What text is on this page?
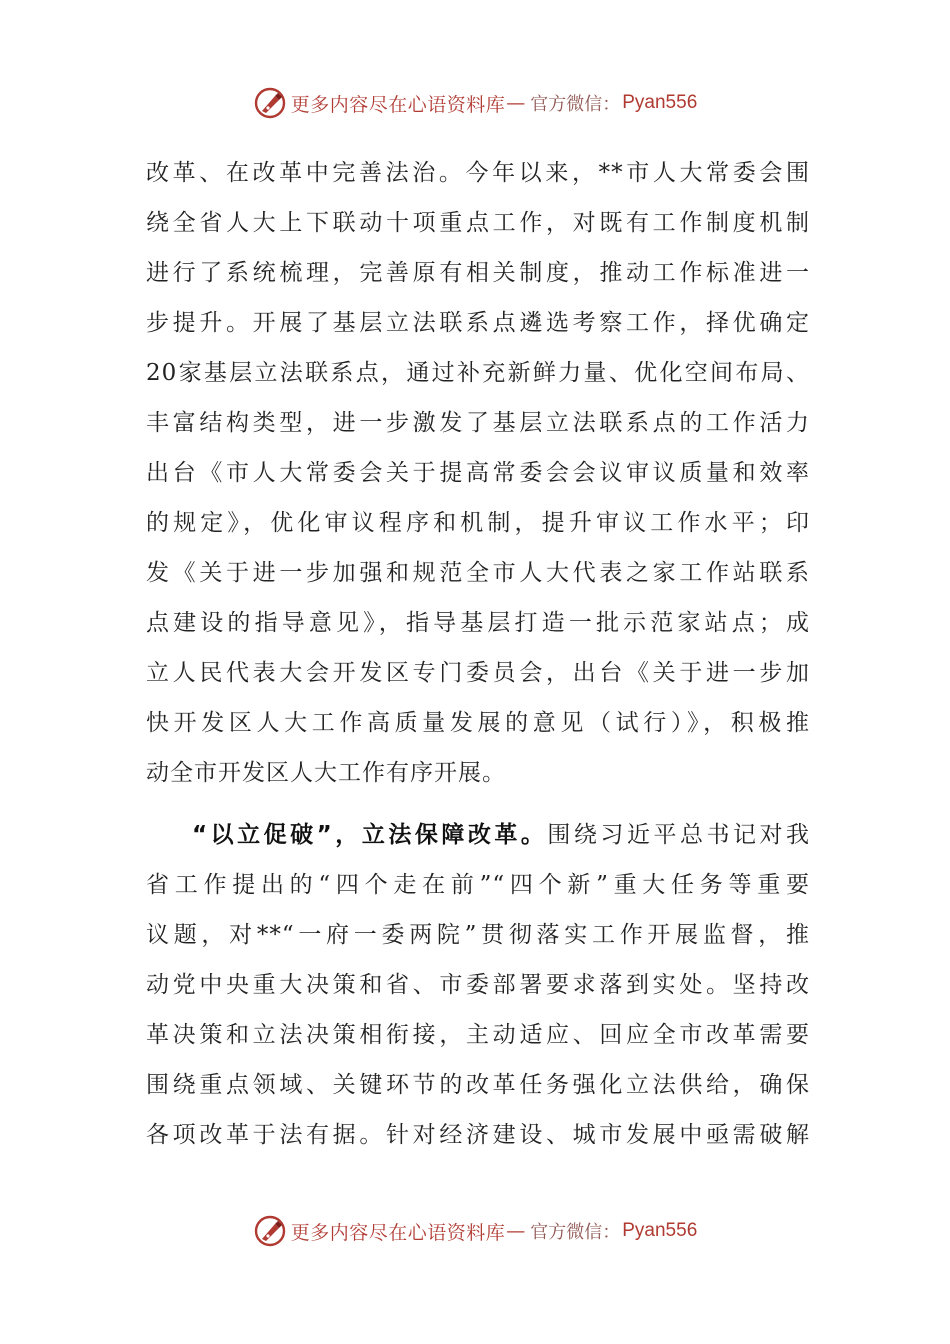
更多内容尽在心语资料库 — 官方微信： Pyan556
改革、在改革中完善法治。今年以来，**市人大常委会围
绕全省人大上下联动十项重点工作，对既有工作制度机制
进行了系统梳理，完善原有相关制度，推动工作标准进一
步提升。开展了基层立法联系点遴选考察工作，择优确定
20家基层立法联系点，通过补充新鲜力量、优化空间布局、
丰富结构类型，进一步激发了基层立法联系点的工作活力
出台《市人大常委会关于提高常委会会议审议质量和效率
的规定》，优化审议程序和机制，提升审议工作水平；印
发《关于进一步加强和规范全市人大代表之家工作站联系
点建设的指导意见》，指导基层打造一批示范家站点；成
立人民代表大会开发区专门委员会，出台《关于进一步加
快开发区人大工作高质量发展的意见（试行）》，积极推
动全市开发区人大工作有序开展。
“以立促破”，立法保障改革。围绕习近平总书记对我
省工作提出的“四个走在前”“四个新”重大任务等重要
议题，对**“一府一委两院”贯彻落实工作开展监督，推
动党中央重大决策和省、市委部署要求落到实处。坚持改
革决策和立法决策相衔接，主动适应、回应全市改革需要
围绕重点领域、关键环节的改革任务强化立法供给，确保
各项改革于法有据。针对经济建设、城市发展中亟需破解
更多内容尽在心语资料库 — 官方微信： Pyan556
